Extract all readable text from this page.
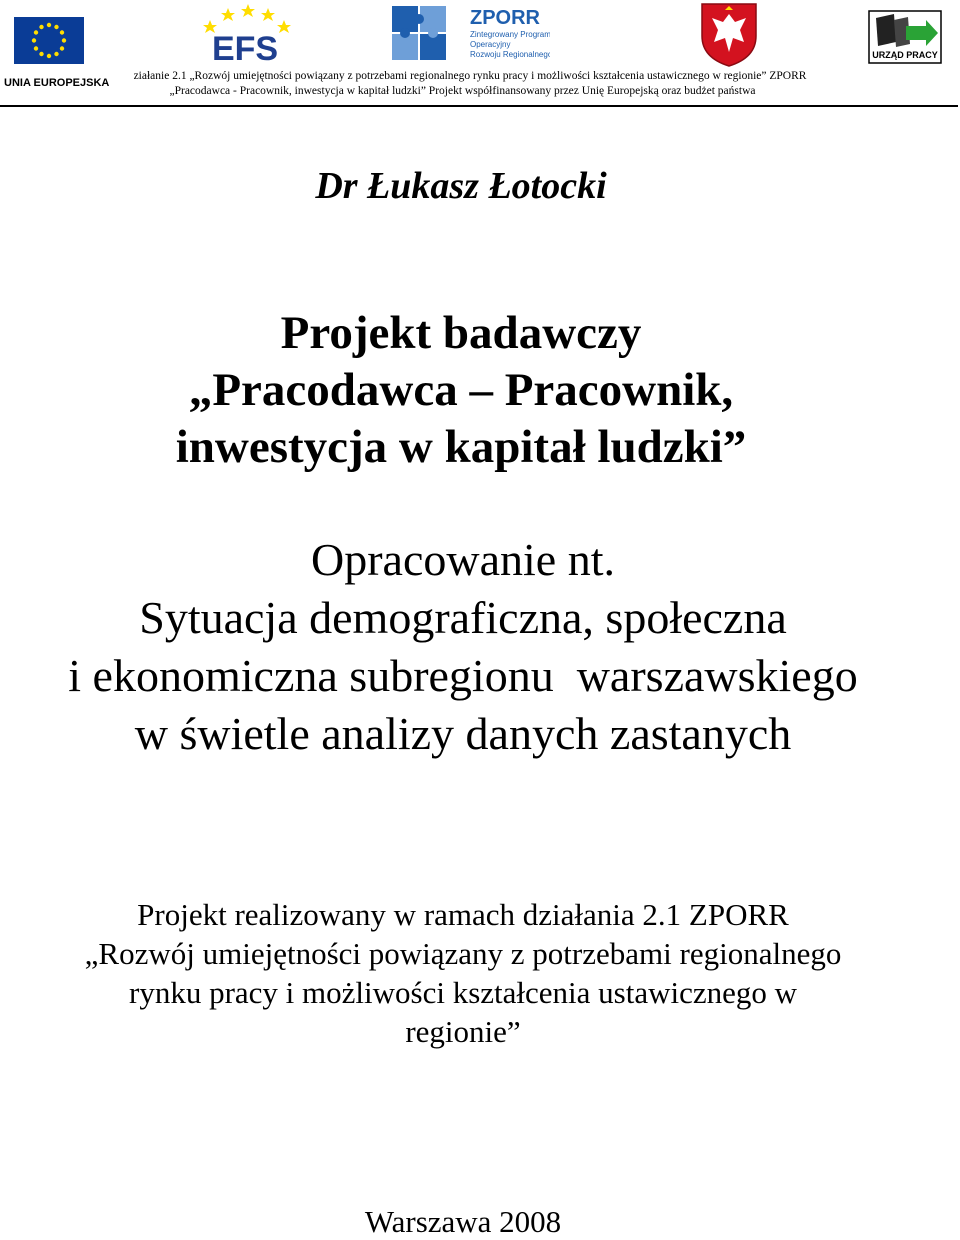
UNIA EUROPEJSKA
EFS
ZPORR
Zintegrowany Program
Operacyjny
Rozwoju Regionalnego	URZĄD PRACY
ziałanie 2.1 „Rozwój umiejętności powiązany z potrzebami regionalnego rynku pracy i możliwości kształcenia ustawicznego w regionie” ZPORR
„Pracodawca - Pracownik, inwestycja w kapitał ludzki” Projekt współfinansowany przez Unię Europejską oraz budżet państwa
Dr Łukasz Łotocki
Projekt badawczy
„Pracodawca – Pracownik,
inwestycja w kapitał ludzki”
Opracowanie nt.
Sytuacja demograficzna, społeczna
i ekonomiczna subregionu  warszawskiego
w świetle analizy danych zastanych
Projekt realizowany w ramach działania 2.1 ZPORR
„Rozwój umiejętności powiązany z potrzebami regionalnego
rynku pracy i możliwości kształcenia ustawicznego w
regionie”
Warszawa 2008
